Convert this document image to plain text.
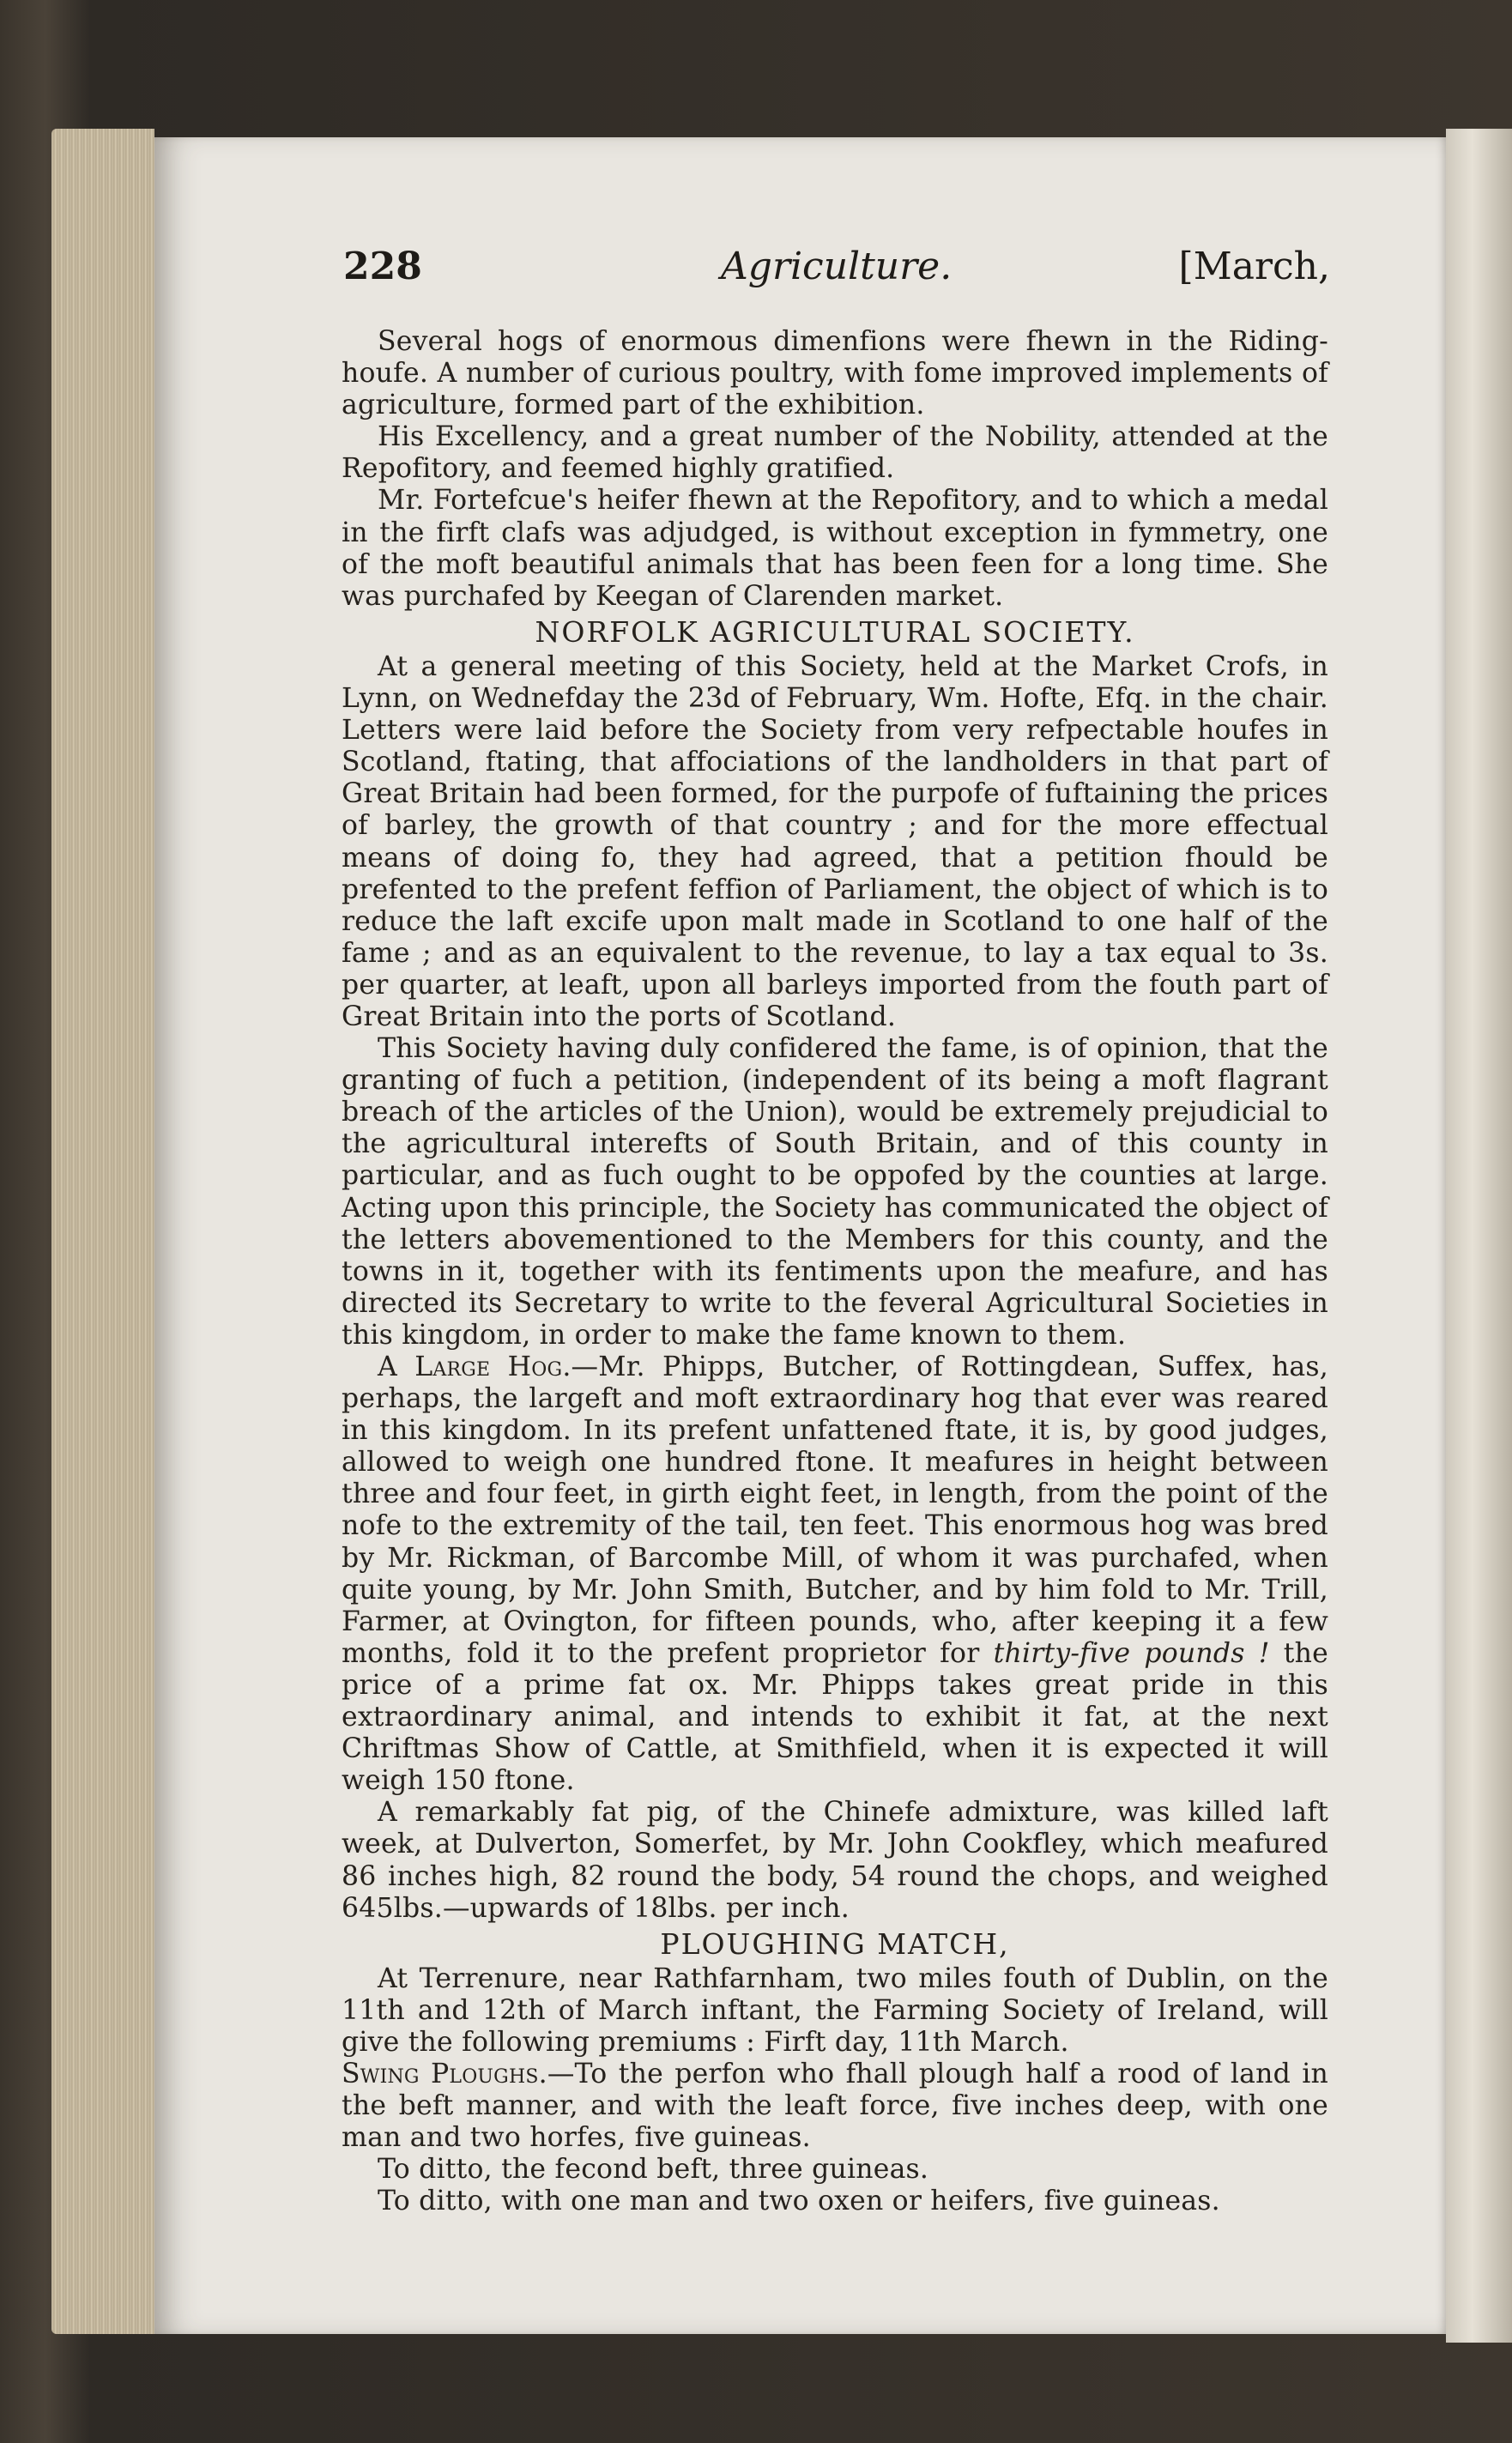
228	Agriculture.	[March,

Several hogs of enormous dimenfions were fhewn in the Riding-houfe. A number of curious poultry, with fome improved implements of agriculture, formed part of the exhibition.

His Excellency, and a great number of the Nobility, attended at the Repofitory, and feemed highly gratified.

Mr. Fortefcue's heifer fhewn at the Repofitory, and to which a medal in the firft clafs was adjudged, is without exception in fymmetry, one of the moft beautiful animals that has been feen for a long time. She was purchafed by Keegan of Clarenden market.

NORFOLK AGRICULTURAL SOCIETY.

At a general meeting of this Society, held at the Market Crofs, in Lynn, on Wednefday the 23d of February, Wm. Hofte, Efq. in the chair. Letters were laid before the Society from very refpectable houfes in Scotland, ftating, that affociations of the landholders in that part of Great Britain had been formed, for the purpofe of fuftaining the prices of barley, the growth of that country ; and for the more effectual means of doing fo, they had agreed, that a petition fhould be prefented to the prefent feffion of Parliament, the object of which is to reduce the laft excife upon malt made in Scotland to one half of the fame ; and as an equivalent to the revenue, to lay a tax equal to 3s. per quarter, at leaft, upon all barleys imported from the fouth part of Great Britain into the ports of Scotland.

This Society having duly confidered the fame, is of opinion, that the granting of fuch a petition, (independent of its being a moft flagrant breach of the articles of the Union), would be extremely prejudicial to the agricultural interefts of South Britain, and of this county in particular, and as fuch ought to be oppofed by the counties at large. Acting upon this principle, the Society has communicated the object of the letters abovementioned to the Members for this county, and the towns in it, together with its fentiments upon the meafure, and has directed its Secretary to write to the feveral Agricultural Societies in this kingdom, in order to make the fame known to them.

A Large Hog.—Mr. Phipps, Butcher, of Rottingdean, Suffex, has, perhaps, the largeft and moft extraordinary hog that ever was reared in this kingdom. In its prefent unfattened ftate, it is, by good judges, allowed to weigh one hundred ftone. It meafures in height between three and four feet, in girth eight feet, in length, from the point of the nofe to the extremity of the tail, ten feet. This enormous hog was bred by Mr. Rickman, of Barcombe Mill, of whom it was purchafed, when quite young, by Mr. John Smith, Butcher, and by him fold to Mr. Trill, Farmer, at Ovington, for fifteen pounds, who, after keeping it a few months, fold it to the prefent proprietor for thirty-five pounds ! the price of a prime fat ox. Mr. Phipps takes great pride in this extraordinary animal, and intends to exhibit it fat, at the next Chriftmas Show of Cattle, at Smithfield, when it is expected it will weigh 150 ftone.

A remarkably fat pig, of the Chinefe admixture, was killed laft week, at Dulverton, Somerfet, by Mr. John Cookfley, which meafured 86 inches high, 82 round the body, 54 round the chops, and weighed 645lbs.—upwards of 18lbs. per inch.

PLOUGHING MATCH,

At Terrenure, near Rathfarnham, two miles fouth of Dublin, on the 11th and 12th of March inftant, the Farming Society of Ireland, will give the following premiums : Firft day, 11th March.

Swing Ploughs.—To the perfon who fhall plough half a rood of land in the beft manner, and with the leaft force, five inches deep, with one man and two horfes, five guineas.

To ditto, the fecond beft, three guineas.

To ditto, with one man and two oxen or heifers, five guineas.
